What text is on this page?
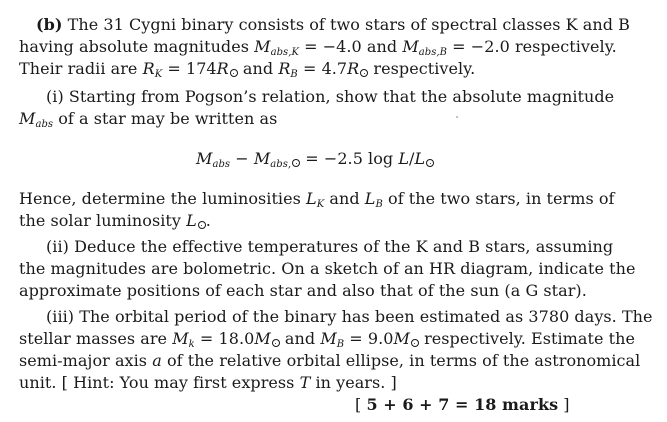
(b) The 31 Cygni binary consists of two stars of spectral classes K and B
having absolute magnitudes $M_{abs,K} = -4.0$ and $M_{abs,B} = -2.0$ respectively.
Their radii are $R_K = 174R$ and $R_B = 4.7R$ respectively.
(i) Starting from Pogson’s relation, show that the absolute magnitude
$M_{abs}$ of a star may be written as
$M_{abs} - M_{abs,} = -2.5$ log L/L
Hence, determine the luminosities $L_K$ and $L_B$ of the two stars, in terms of
the solar luminosity L .
(ii) Deduce the effective temperatures of the K and B stars, assuming
the magnitudes are bolometric. On a sketch of an HR diagram, indicate the
approximate positions of each star and also that of the sun (a G star).
(iii) The orbital period of the binary has been estimated as 3780 days. The
stellar masses are $M_k = 18.0M$ and $M_B = 9.0M$ respectively. Estimate the
semi-major axis a of the relative orbital ellipse, in terms of the astronomical
unit. [ Hint: You may first express T in years. ]
[ 5 + 6 + 7 = 18 marks ]
